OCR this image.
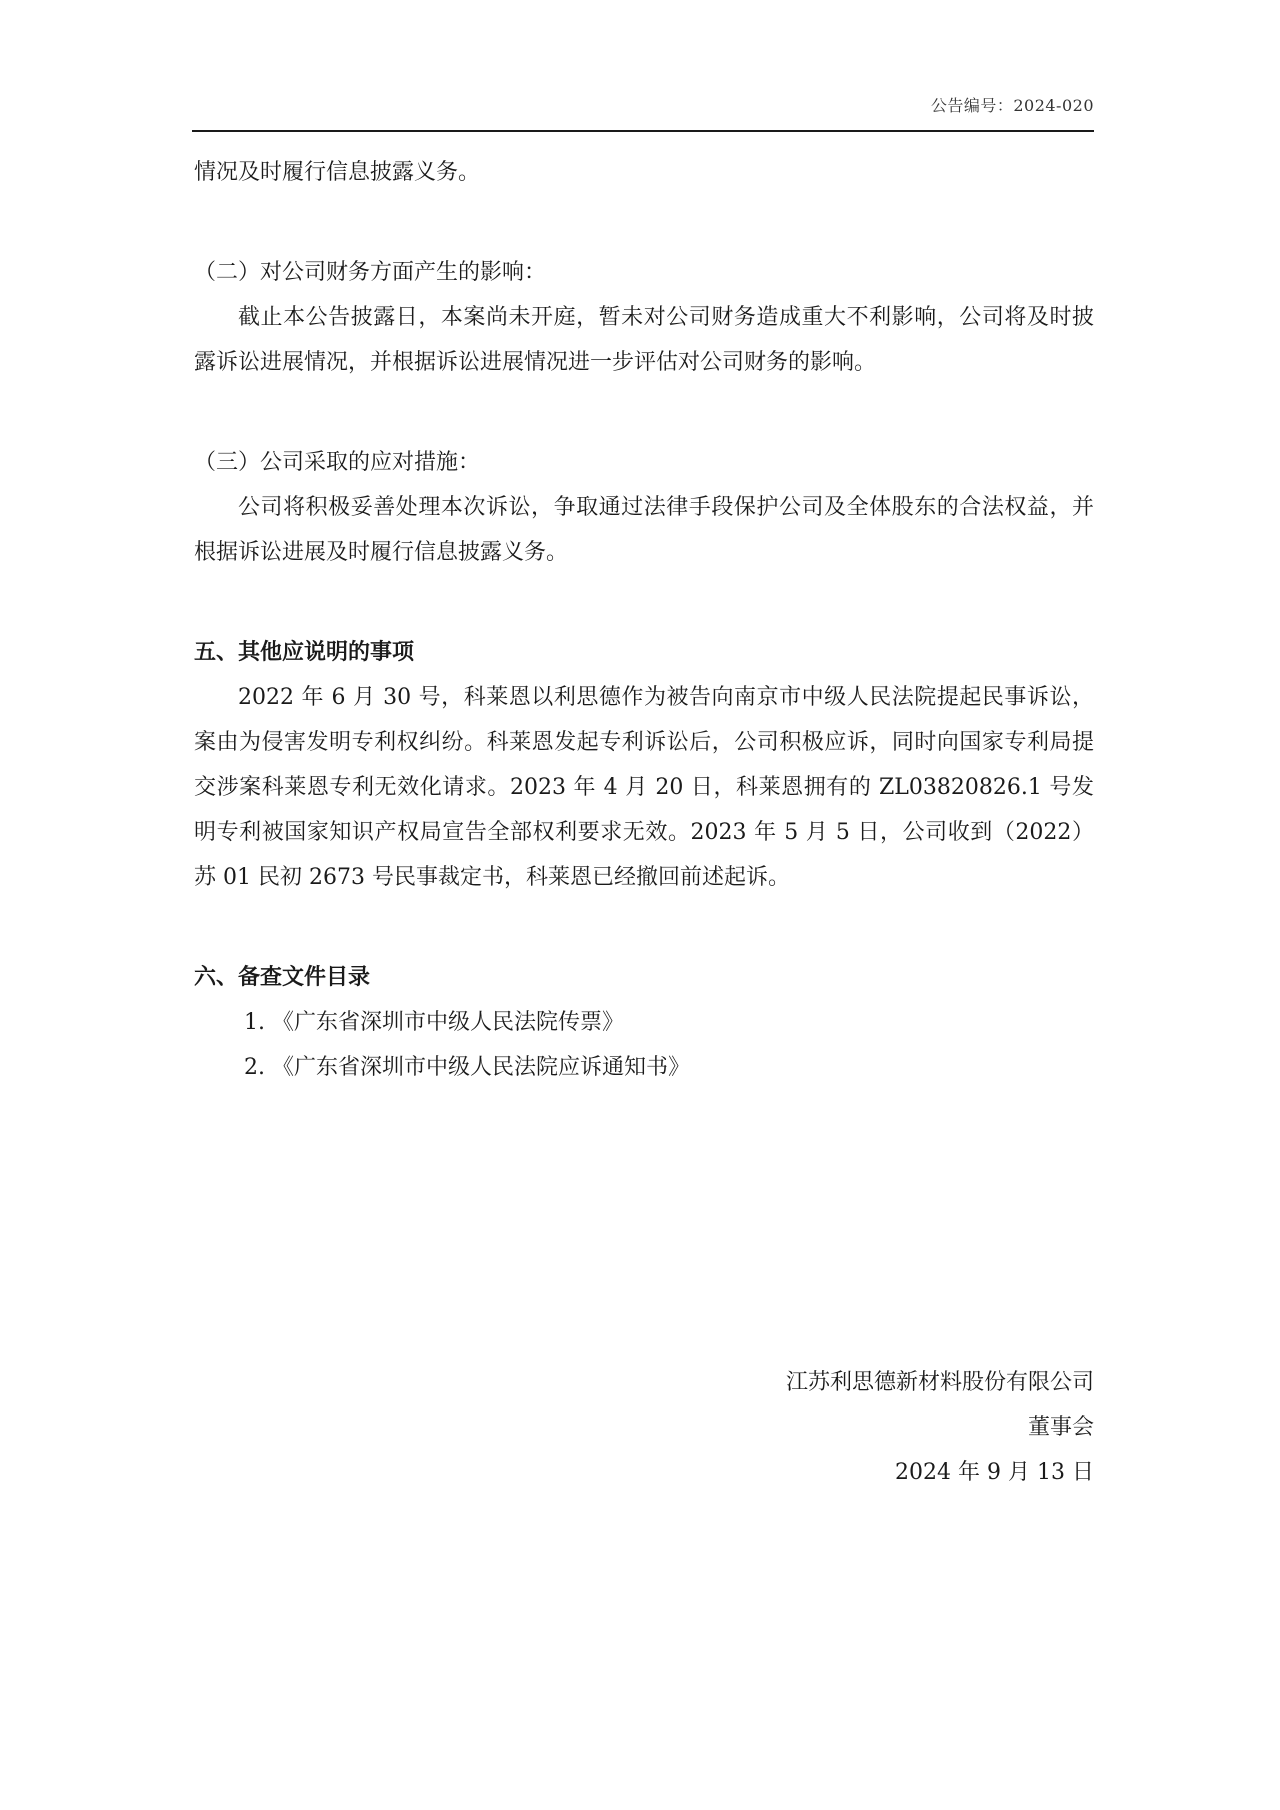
公告编号：2024-020

情况及时履行信息披露义务。

（二）对公司财务方面产生的影响：

截止本公告披露日，本案尚未开庭，暂未对公司财务造成重大不利影响，公司将及时披露诉讼进展情况，并根据诉讼进展情况进一步评估对公司财务的影响。

（三）公司采取的应对措施：

公司将积极妥善处理本次诉讼，争取通过法律手段保护公司及全体股东的合法权益，并根据诉讼进展及时履行信息披露义务。

五、其他应说明的事项

2022 年 6 月 30 号，科莱恩以利思德作为被告向南京市中级人民法院提起民事诉讼，案由为侵害发明专利权纠纷。科莱恩发起专利诉讼后，公司积极应诉，同时向国家专利局提交涉案科莱恩专利无效化请求。2023 年 4 月 20 日，科莱恩拥有的 ZL03820826.1 号发明专利被国家知识产权局宣告全部权利要求无效。2023 年 5 月 5 日，公司收到（2022）苏 01 民初 2673 号民事裁定书，科莱恩已经撤回前述起诉。

六、备查文件目录

1. 《广东省深圳市中级人民法院传票》

2. 《广东省深圳市中级人民法院应诉通知书》

江苏利思德新材料股份有限公司

董事会

2024 年 9 月 13 日
